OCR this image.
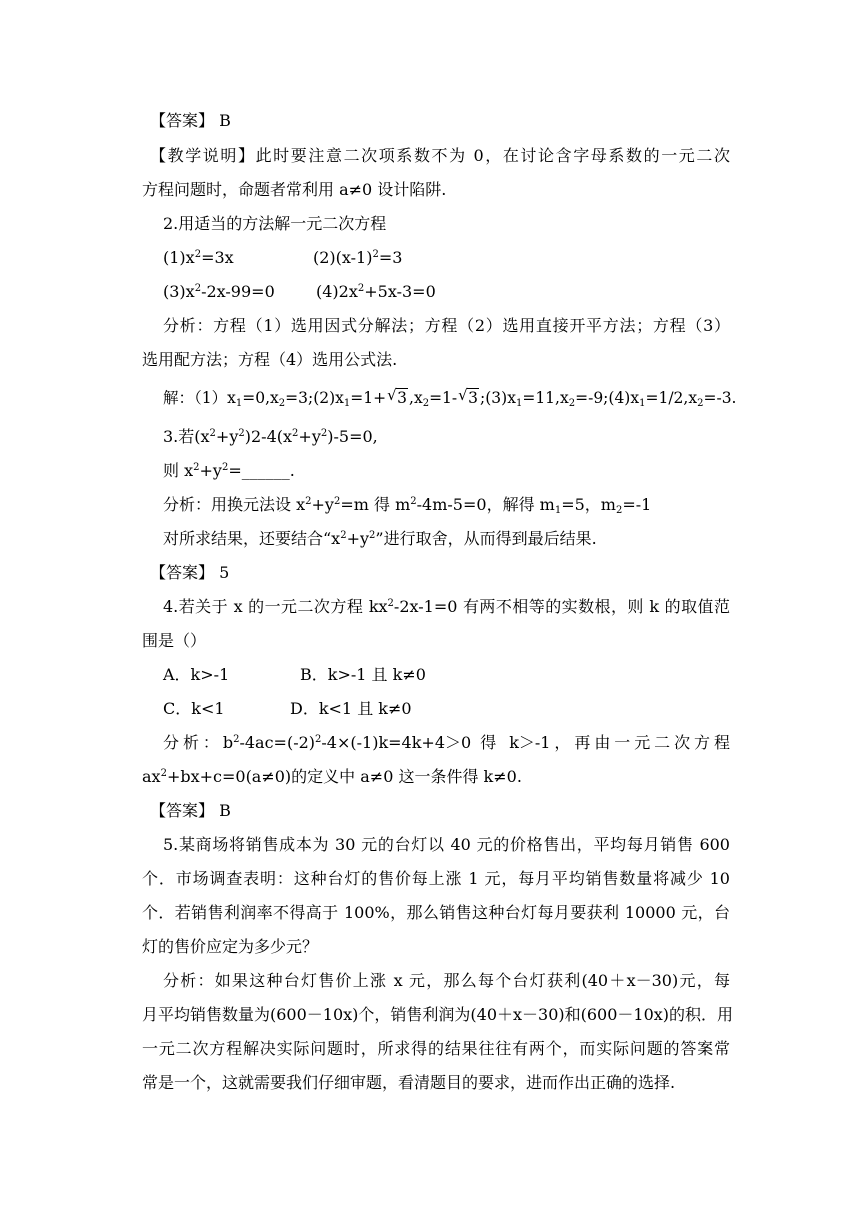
【答案】 B
【教学说明】此时要注意二次项系数不为 0，在讨论含字母系数的一元二次
方程问题时，命题者常利用 a≠0 设计陷阱.
2.用适当的方法解一元二次方程
$(1)x^2=3x$	$(2)(x-1)^2=3$
$(3)x^2-2x-99=0$	$(4)2x^2+5x-3=0$
分析：方程（1）选用因式分解法；方程（2）选用直接开平方法；方程（3）
选用配方法；方程（4）选用公式法.
解：$(1)x_1=0,x_2=3;(2)x_1=1+$ √ 3 $,x_2=1-$ √ 3 $;(3)x_1=11,x_2=-9;(4)x_1=1/2,x_2=-3$.
3.若$(x^2+y^2)2-4(x^2+y^2)-5=0$,
则 $x^2+y^2=\_\_\_\_\_\_$.
分析：用换元法设 $x^2+y^2=m$ 得 $m^2-4m-5=0$，解得 $m_1=5$，$m_2=-1$
对所求结果，还要结合“$x^2+y^2$”进行取舍，从而得到最后结果.
【答案】 5
4.若关于 x 的一元二次方程 $kx^2-2x-1=0$ 有两不相等的实数根，则 k 的取值范
围是（）
A．k>-1	B．k>-1 且 k≠0
C．k<1	D．k<1 且 k≠0
分析：$b^2-4ac=(-2)^2-4\times(-1)k=4k+4>0$ 得 k＞-1，再由一元二次方程
$ax^2+bx+c=0(a\ne 0)$的定义中 a≠0 这一条件得 k≠0.
【答案】 B
5.某商场将销售成本为 30 元的台灯以 40 元的价格售出，平均每月销售 600
个．市场调查表明：这种台灯的售价每上涨 1 元，每月平均销售数量将减少 10
个．若销售利润率不得高于 100%，那么销售这种台灯每月要获利 10000 元，台
灯的售价应定为多少元？
分析：如果这种台灯售价上涨 x 元，那么每个台灯获利(40＋x－30)元，每
月平均销售数量为(600－10x)个，销售利润为(40＋x－30)和(600－10x)的积．用
一元二次方程解决实际问题时，所求得的结果往往有两个，而实际问题的答案常
常是一个，这就需要我们仔细审题，看清题目的要求，进而作出正确的选择.
